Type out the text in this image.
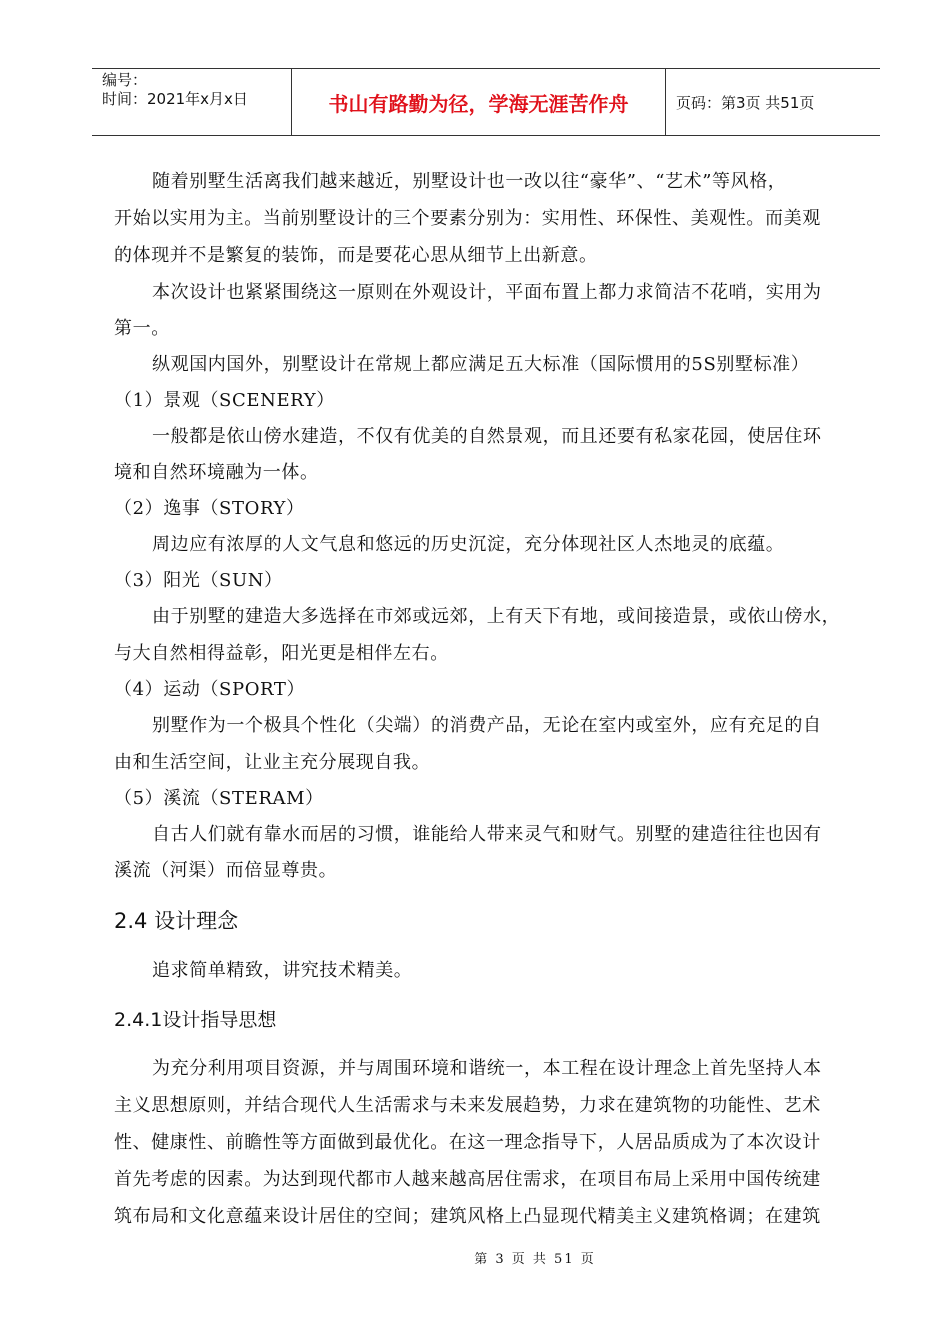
编号：
时间：2021年x月x日	书山有路勤为径，学海无涯苦作舟	页码：第3页 共51页
随着别墅生活离我们越来越近，别墅设计也一改以往“豪华”、“艺术”等风格，
开始以实用为主。当前别墅设计的三个要素分别为：实用性、环保性、美观性。而美观
的体现并不是繁复的装饰，而是要花心思从细节上出新意。
本次设计也紧紧围绕这一原则在外观设计，平面布置上都力求简洁不花哨，实用为
第一。
纵观国内国外，别墅设计在常规上都应满足五大标准（国际惯用的5S别墅标准）
（1）景观（SCENERY）
一般都是依山傍水建造，不仅有优美的自然景观，而且还要有私家花园，使居住环
境和自然环境融为一体。
（2）逸事（STORY）
周边应有浓厚的人文气息和悠远的历史沉淀，充分体现社区人杰地灵的底蕴。
（3）阳光（SUN）
由于别墅的建造大多选择在市郊或远郊，上有天下有地，或间接造景，或依山傍水，
与大自然相得益彰，阳光更是相伴左右。
（4）运动（SPORT）
别墅作为一个极具个性化（尖端）的消费产品，无论在室内或室外，应有充足的自
由和生活空间，让业主充分展现自我。
（5）溪流（STERAM）
自古人们就有靠水而居的习惯，谁能给人带来灵气和财气。别墅的建造往往也因有
溪流（河渠）而倍显尊贵。
2.4 设计理念
追求简单精致，讲究技术精美。
2.4.1设计指导思想
为充分利用项目资源，并与周围环境和谐统一，本工程在设计理念上首先坚持人本
主义思想原则，并结合现代人生活需求与未来发展趋势，力求在建筑物的功能性、艺术
性、健康性、前瞻性等方面做到最优化。在这一理念指导下，人居品质成为了本次设计
首先考虑的因素。为达到现代都市人越来越高居住需求，在项目布局上采用中国传统建
筑布局和文化意蕴来设计居住的空间；建筑风格上凸显现代精美主义建筑格调；在建筑
第 3 页 共 51 页
